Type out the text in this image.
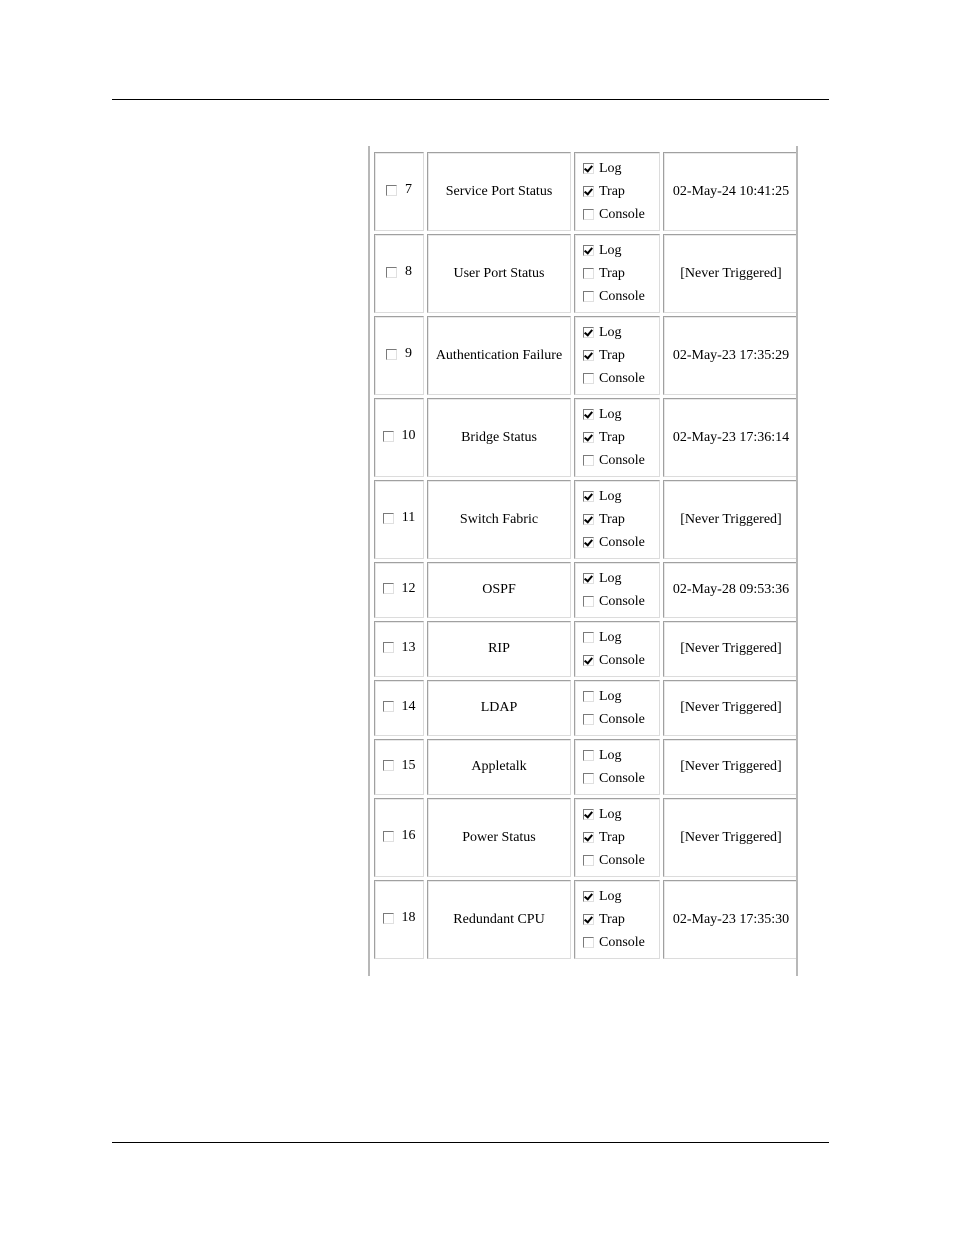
7	Service Port Status	Log
Trap
Console	02-May-24 10:41:25

8	User Port Status	Log
Trap
Console	[Never Triggered]

9	Authentication Failure	Log
Trap
Console	02-May-23 17:35:29

10	Bridge Status	Log
Trap
Console	02-May-23 17:36:14

11	Switch Fabric	Log
Trap
Console	[Never Triggered]

12	OSPF	Log
Console	02-May-28 09:53:36

13	RIP	Log
Console	[Never Triggered]

14	LDAP	Log
Console	[Never Triggered]

15	Appletalk	Log
Console	[Never Triggered]

16	Power Status	Log
Trap
Console	[Never Triggered]

18	Redundant CPU	Log
Trap
Console	02-May-23 17:35:30
